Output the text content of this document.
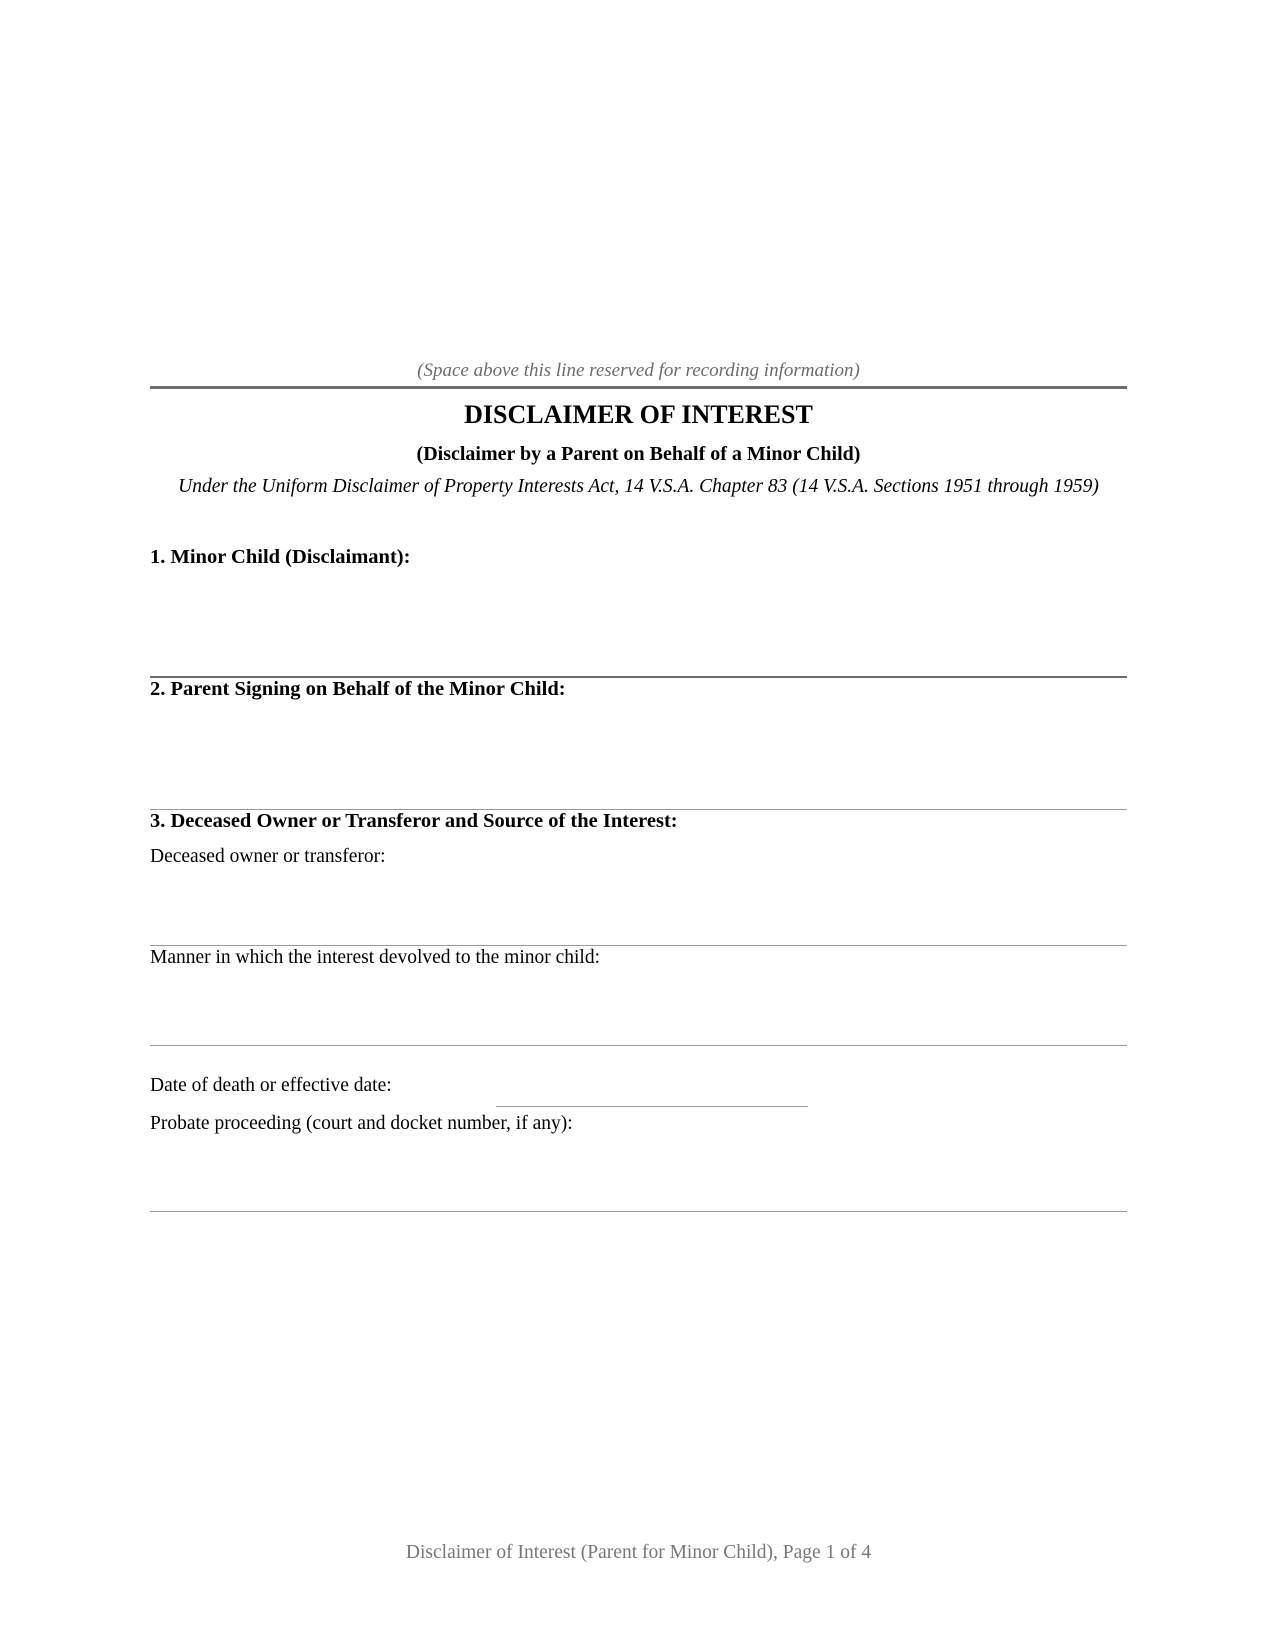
(Space above this line reserved for recording information)
DISCLAIMER OF INTEREST
(Disclaimer by a Parent on Behalf of a Minor Child)
Under the Uniform Disclaimer of Property Interests Act, 14 V.S.A. Chapter 83 (14 V.S.A. Sections 1951 through 1959)
1. Minor Child (Disclaimant):
2. Parent Signing on Behalf of the Minor Child:
3. Deceased Owner or Transferor and Source of the Interest:
Deceased owner or transferor:
Manner in which the interest devolved to the minor child:
Date of death or effective date:
Probate proceeding (court and docket number, if any):
Disclaimer of Interest (Parent for Minor Child), Page 1 of 4
